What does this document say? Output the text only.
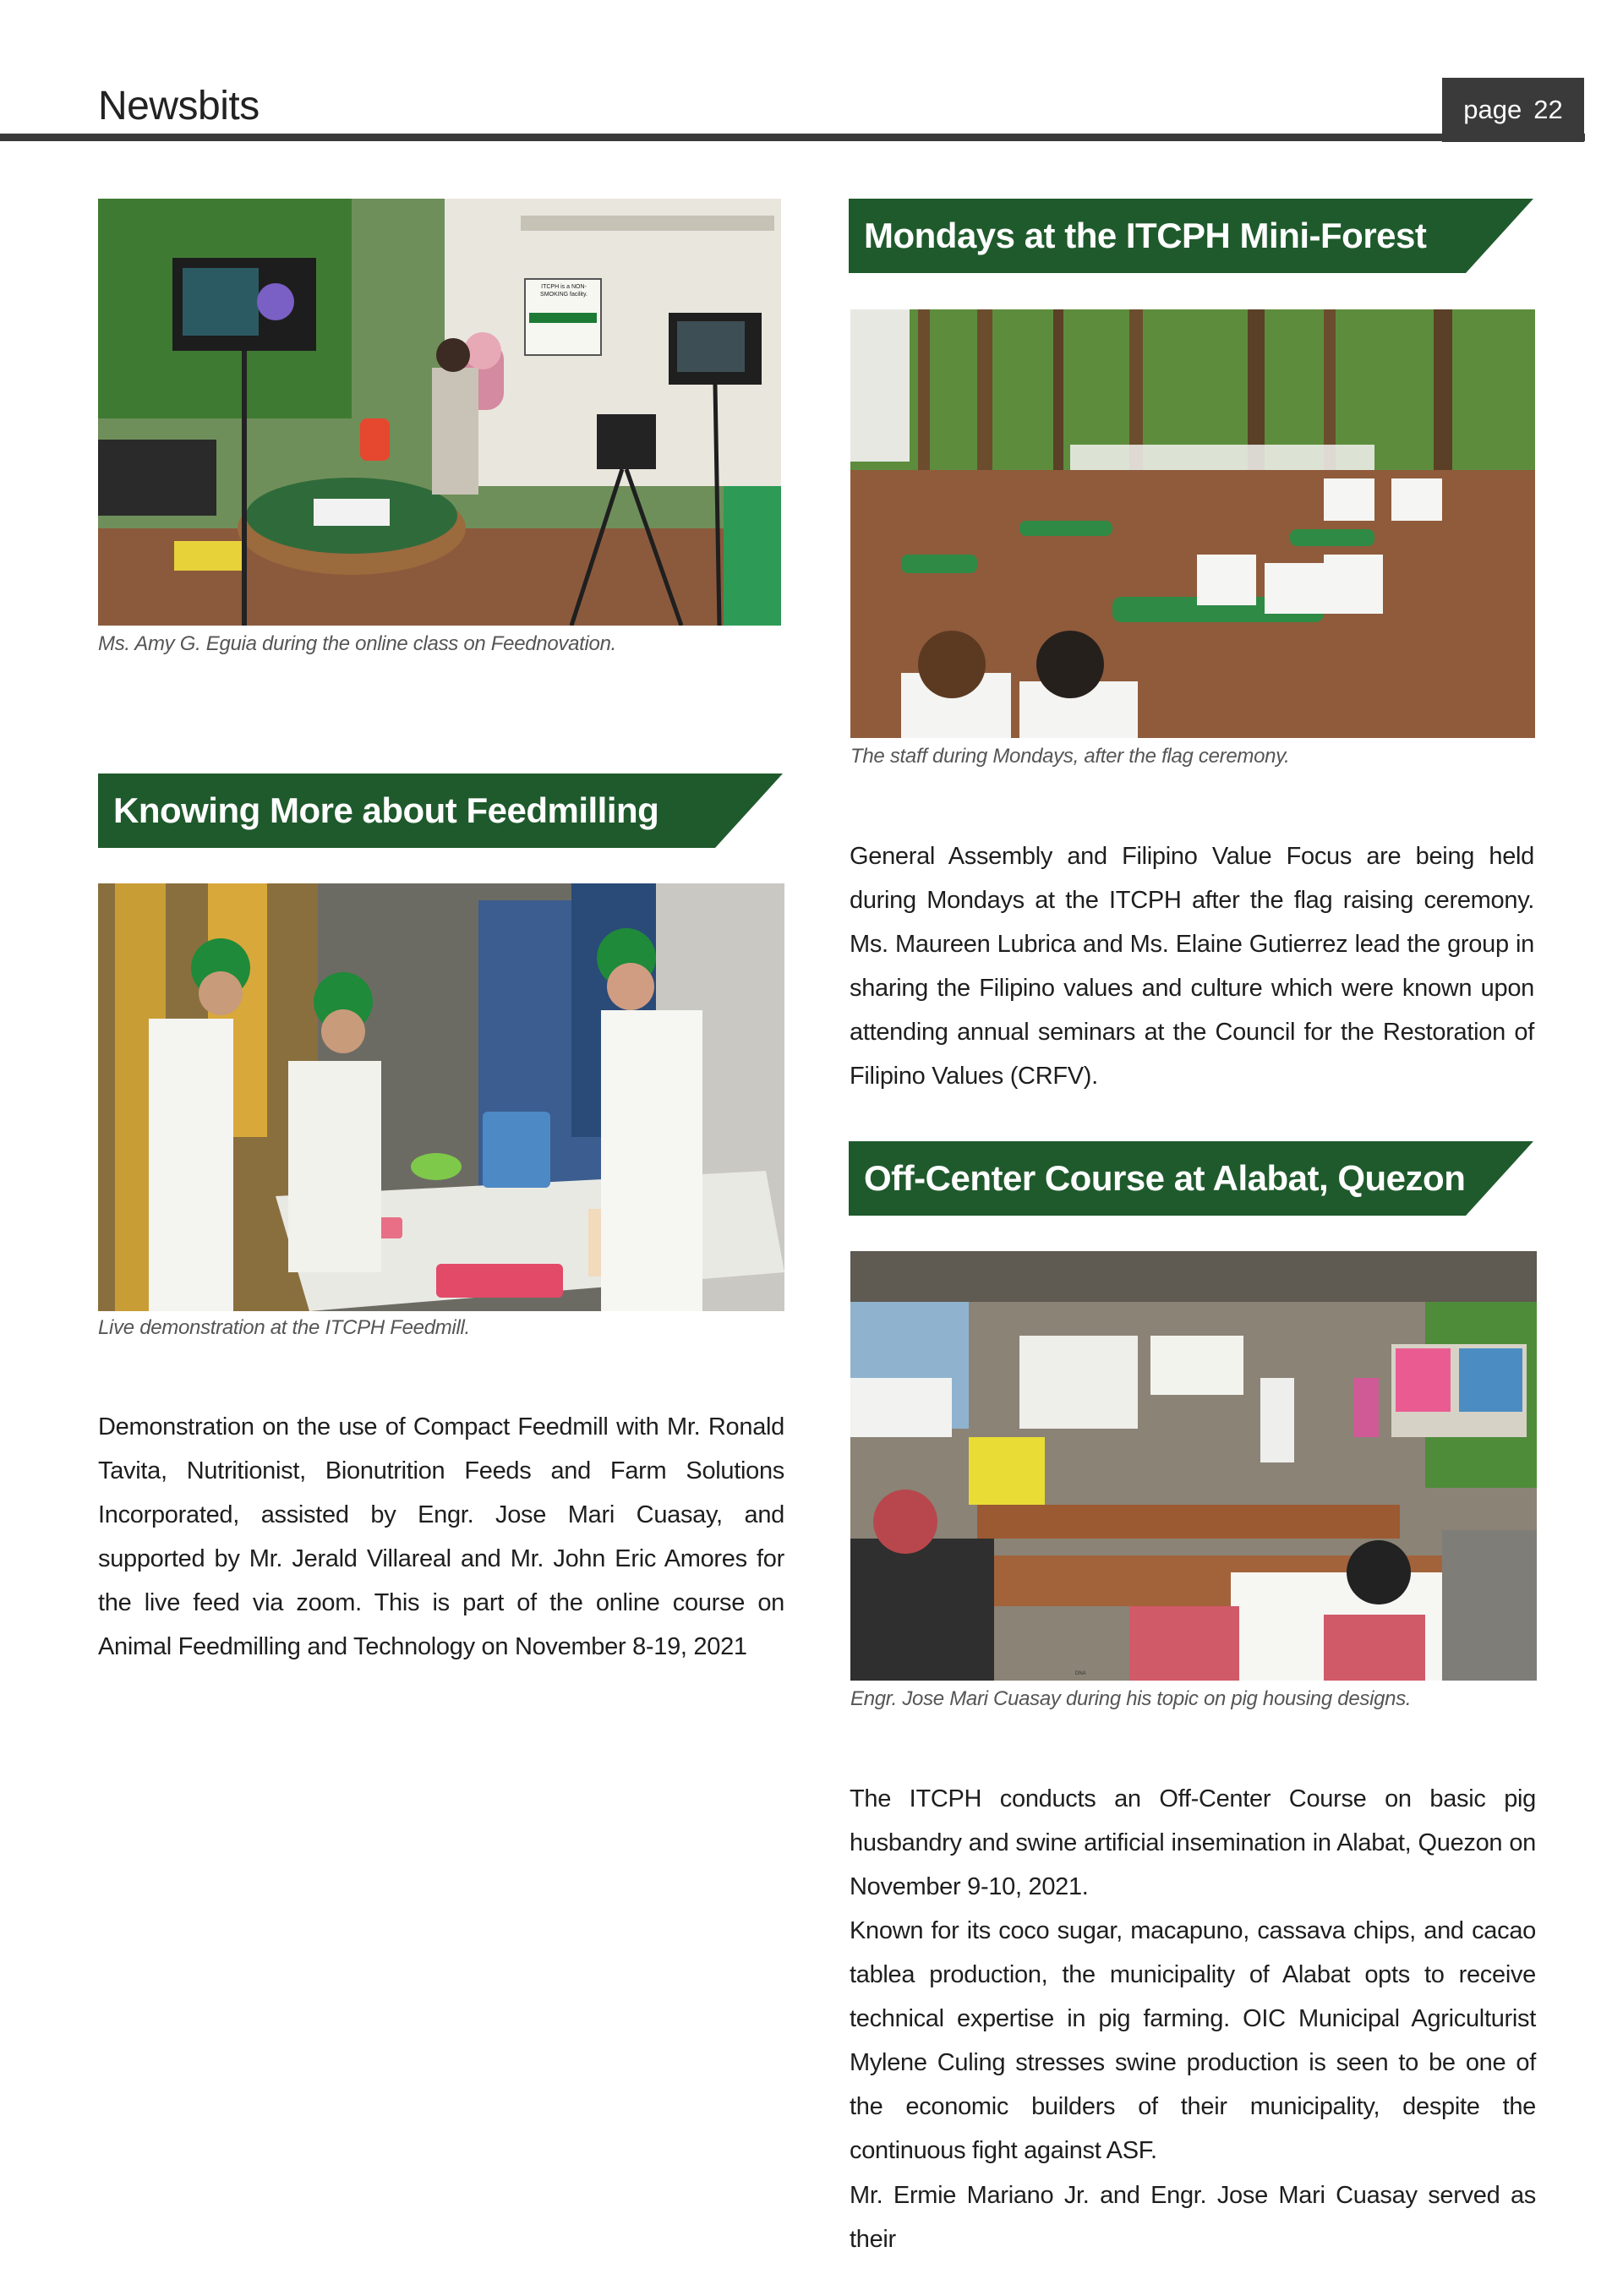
Newsbits	page 22
Ms. Amy G. Eguia during the online class on Feednovation.
Knowing More about Feedmilling
Live demonstration at the ITCPH Feedmill.
Demonstration on the use of Compact Feedmill with Mr. Ronald Tavita, Nutritionist, Bionutrition Feeds and Farm Solutions Incorporated, assisted by Engr. Jose Mari Cuasay, and supported by Mr. Jerald Villareal and Mr. John Eric Amores for the live feed via zoom. This is part of the online course on Animal Feedmilling and Technology on November 8-19, 2021
Mondays at the ITCPH Mini-Forest
The staff during Mondays, after the flag ceremony.
General Assembly and Filipino Value Focus are being held during Mondays at the ITCPH after the flag raising ceremony. Ms. Maureen Lubrica and Ms. Elaine Gutierrez lead the group in sharing the Filipino values and culture which were known upon attending annual seminars at the Council for the Restoration of Filipino Values (CRFV).
Off-Center Course at Alabat, Quezon
Engr. Jose Mari Cuasay during his topic on pig housing designs.
The ITCPH conducts an Off-Center Course on basic pig husbandry and swine artificial insemination in Alabat, Quezon on November 9-10, 2021.
Known for its coco sugar, macapuno, cassava chips, and cacao tablea production, the municipality of Alabat opts to receive technical expertise in pig farming. OIC Municipal Agriculturist Mylene Culing stresses swine production is seen to be one of the economic builders of their municipality, despite the continuous fight against ASF.
Mr. Ermie Mariano Jr. and Engr. Jose Mari Cuasay served as their
ITCPH is a NON-SMOKING facility.
DNA
